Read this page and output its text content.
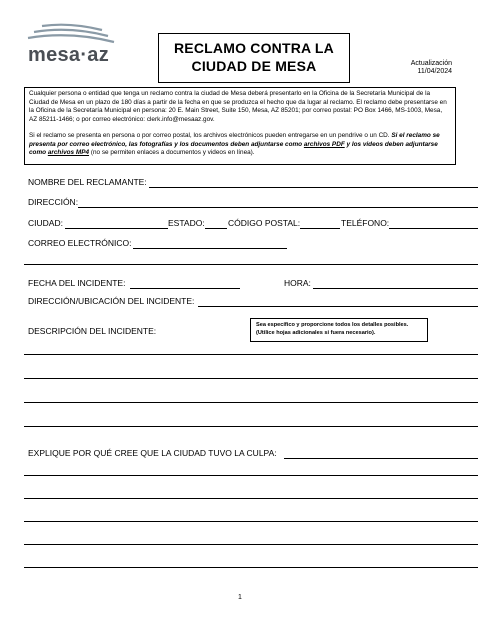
mesa·az	RECLAMO CONTRA LA
CIUDAD DE MESA	Actualización
11/04/2024

Cualquier persona o entidad que tenga un reclamo contra la ciudad de Mesa deberá presentarlo en la Oficina de la Secretaría Municipal de la Ciudad de Mesa en un plazo de 180 días a partir de la fecha en que se produzca el hecho que da lugar al reclamo. El reclamo debe presentarse en la Oficina de la Secretaría Municipal en persona: 20 E. Main Street, Suite 150, Mesa, AZ 85201; por correo postal: PO Box 1466, MS-1003, Mesa, AZ 85211-1466; o por correo electrónico: clerk.info@mesaaz.gov.

Si el reclamo se presenta en persona o por correo postal, los archivos electrónicos pueden entregarse en un pendrive o un CD. Si el reclamo se presenta por correo electrónico, las fotografías y los documentos deben adjuntarse como archivos PDF y los videos deben adjuntarse como archivos MP4 (no se permiten enlaces a documentos y videos en línea).

NOMBRE DEL RECLAMANTE:
DIRECCIÓN:
CIUDAD:	ESTADO:	CÓDIGO POSTAL:	TELÉFONO:
CORREO ELECTRÓNICO:
FECHA DEL INCIDENTE:	HORA:
DIRECCIÓN/UBICACIÓN DEL INCIDENTE:
DESCRIPCIÓN DEL INCIDENTE:
Sea específico y proporcione todos los detalles posibles. (Utilice hojas adicionales si fuera necesario).
EXPLIQUE POR QUÉ CREE QUE LA CIUDAD TUVO LA CULPA:
1
